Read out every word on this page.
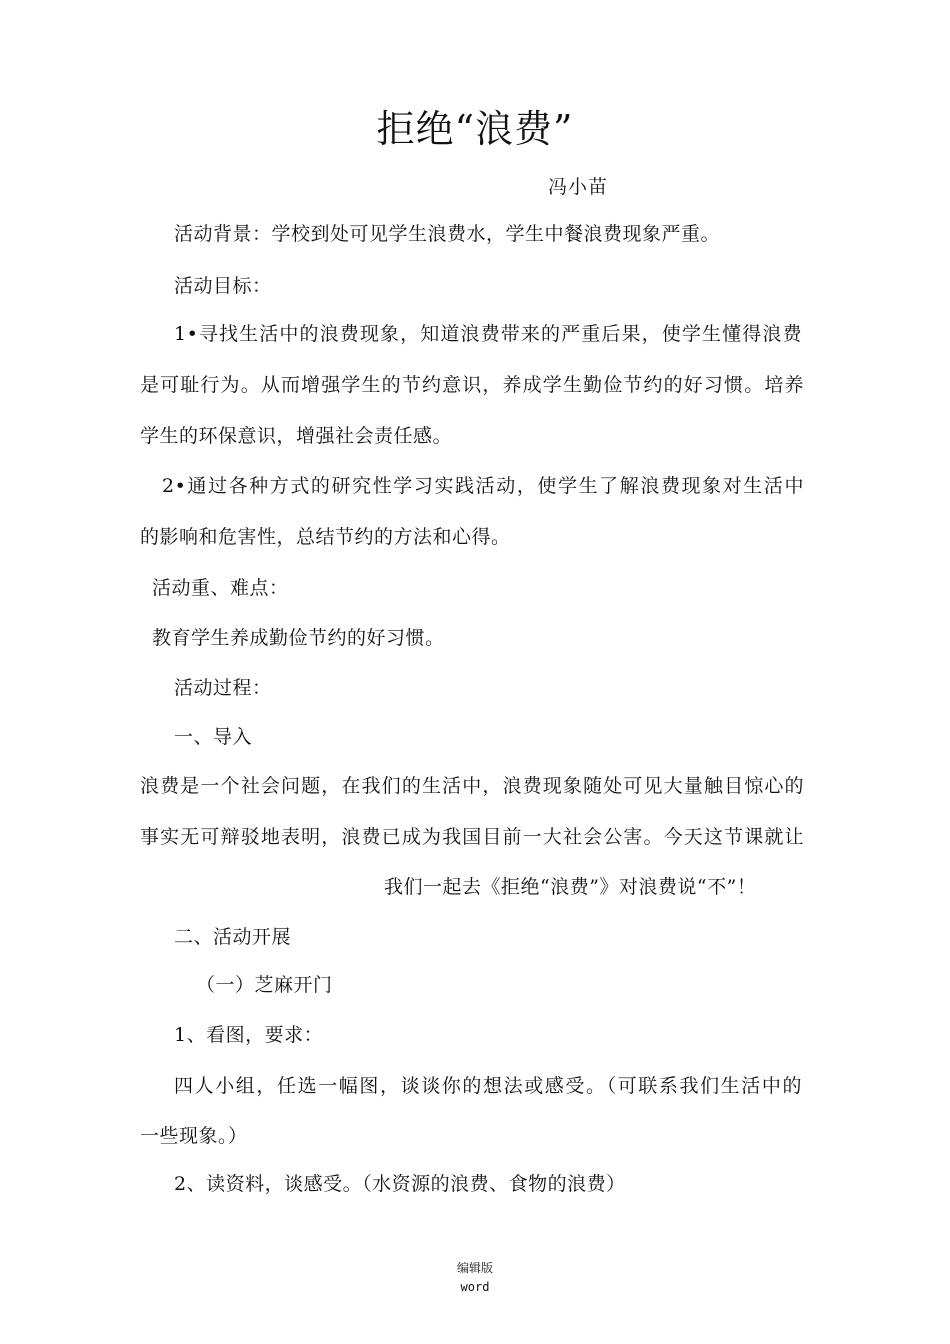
拒绝“浪费”
冯小苗
活动背景：学校到处可见学生浪费水，学生中餐浪费现象严重。
活动目标：
1•寻找生活中的浪费现象，知道浪费带来的严重后果，使学生懂得浪费
是可耻行为。从而增强学生的节约意识，养成学生勤俭节约的好习惯。培养
学生的环保意识，增强社会责任感。
2•通过各种方式的研究性学习实践活动，使学生了解浪费现象对生活中
的影响和危害性，总结节约的方法和心得。
活动重、难点：
教育学生养成勤俭节约的好习惯。
活动过程：
一、导入
浪费是一个社会问题，在我们的生活中，浪费现象随处可见大量触目惊心的
事实无可辩驳地表明，浪费已成为我国目前一大社会公害。今天这节课就让
我们一起去《拒绝“浪费”》对浪费说“不”！
二、活动开展
（一）芝麻开门
1、看图，要求：
四人小组，任选一幅图，谈谈你的想法或感受。（可联系我们生活中的
一些现象。）
2、读资料，谈感受。（水资源的浪费、食物的浪费）
编辑版
word
